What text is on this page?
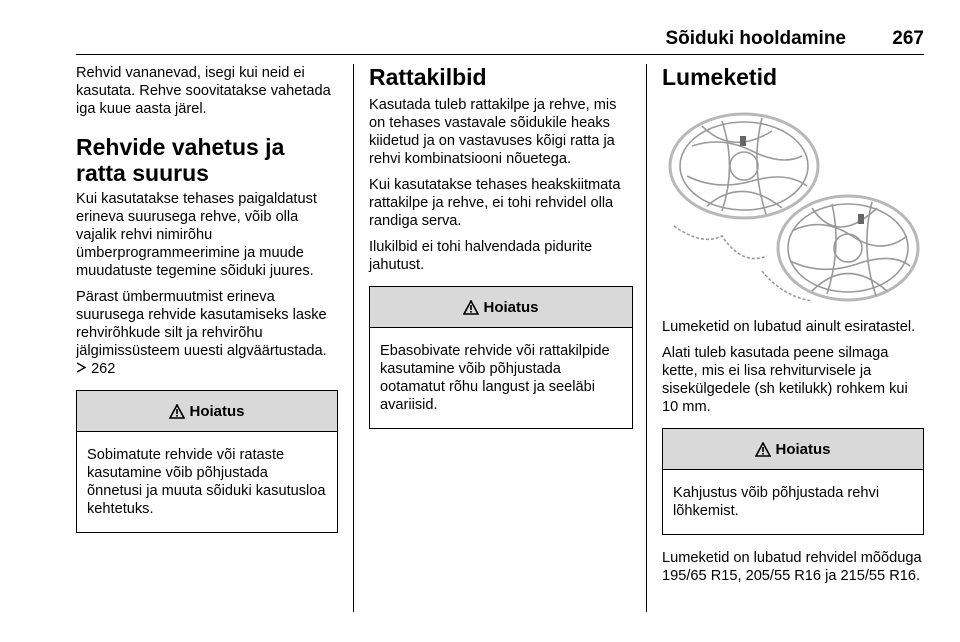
Sõiduki hooldamine 267

Rehvid vananevad, isegi kui neid ei kasutata. Rehve soovitatakse vahetada iga kuue aasta järel.

Rehvide vahetus ja ratta suurus

Kui kasutatakse tehases paigaldatust erineva suurusega rehve, võib olla vajalik rehvi nimirõhu ümberprogrammeerimine ja muude muudatuste tegemine sõiduki juures.

Pärast ümbermuutmist erineva suurusega rehvide kasutamiseks laske rehvirõhkude silt ja rehvirõhu jälgimissüsteem uuesti algväärtustada.  262

Hoiatus

Sobimatute rehvide või rataste kasutamine võib põhjustada õnnetusi ja muuta sõiduki kasutusloa kehtetuks.

Rattakilbid

Kasutada tuleb rattakilpe ja rehve, mis on tehases vastavale sõidukile heaks kiidetud ja on vastavuses kõigi ratta ja rehvi kombinatsiooni nõuetega.

Kui kasutatakse tehases heakskiitmata rattakilpe ja rehve, ei tohi rehvidel olla randiga serva.

Ilukilbid ei tohi halvendada pidurite jahutust.

Hoiatus

Ebasobivate rehvide või rattakilpide kasutamine võib põhjustada ootamatut rõhu langust ja seeläbi avariisid.

Lumeketid

Lumeketid on lubatud ainult esiratastel.

Alati tuleb kasutada peene silmaga kette, mis ei lisa rehviturvisele ja sisekülgedele (sh ketilukk) rohkem kui 10 mm.

Hoiatus

Kahjustus võib põhjustada rehvi lõhkemist.

Lumeketid on lubatud rehvidel mõõduga 195/65 R15, 205/55 R16 ja 215/55 R16.
